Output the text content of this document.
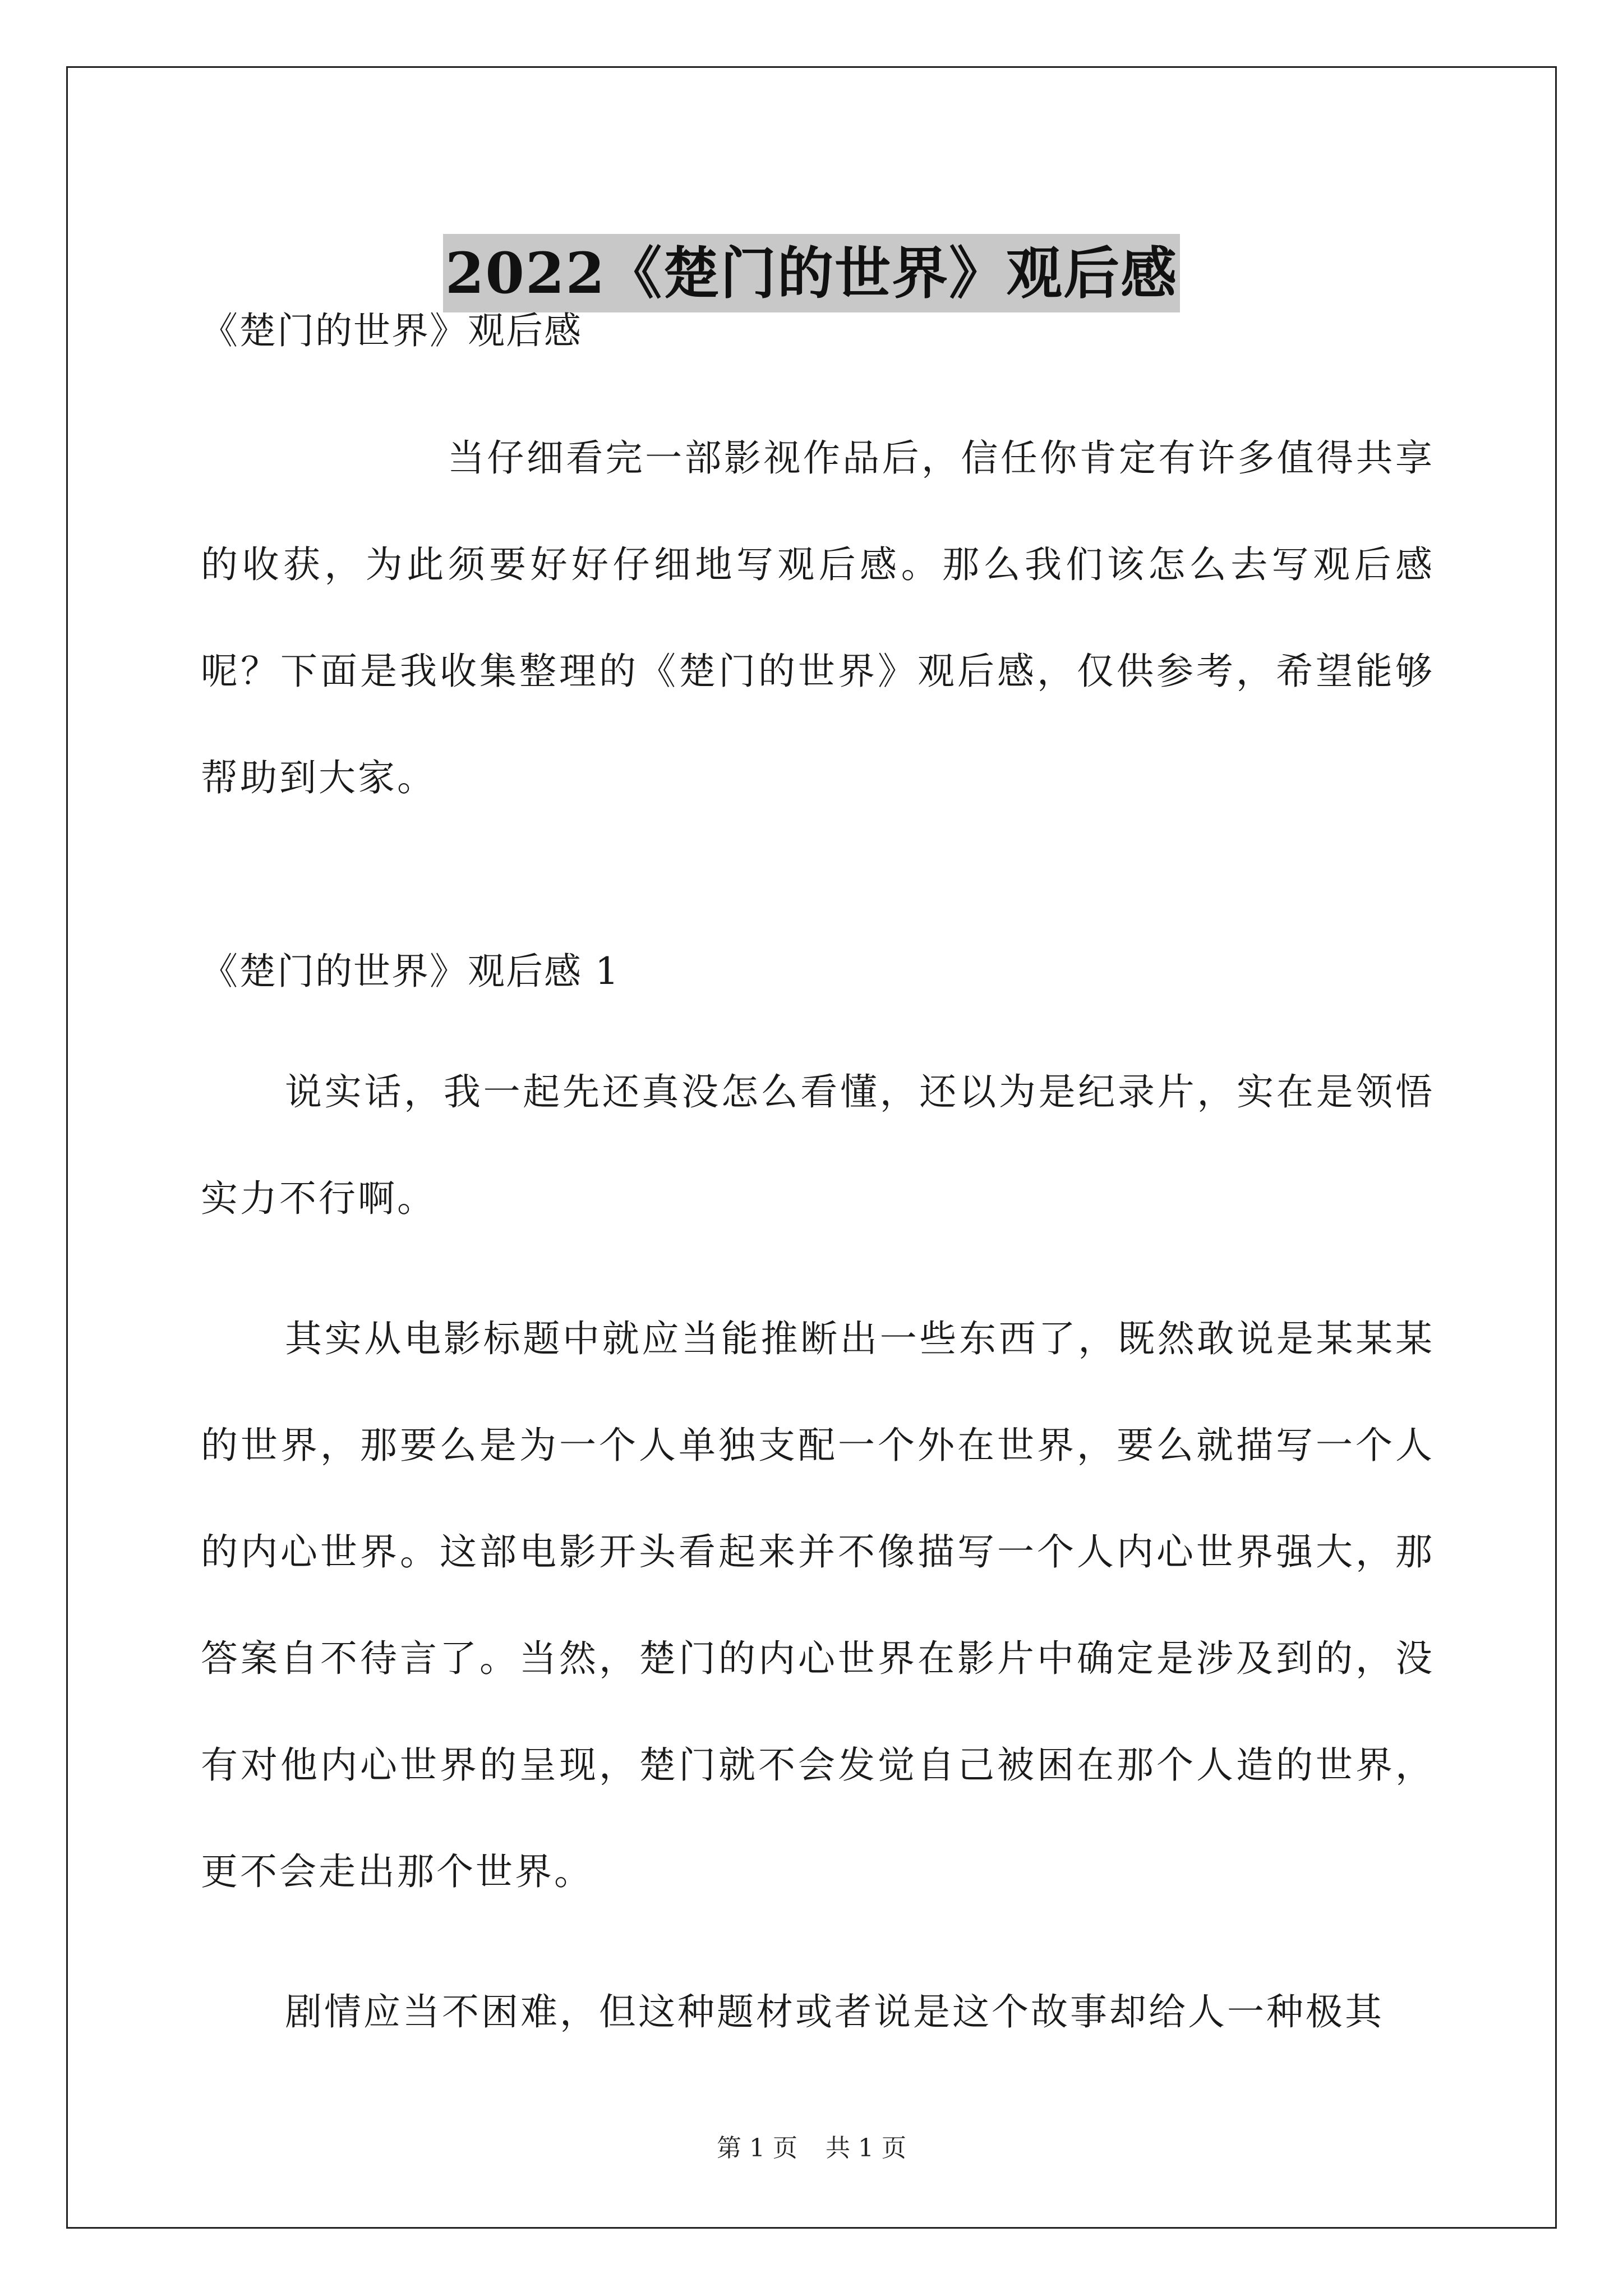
2022《楚门的世界》观后感

《楚门的世界》观后感

当仔细看完一部影视作品后，信任你肯定有许多值得共享的收获，为此须要好好仔细地写观后感。那么我们该怎么去写观后感呢？下面是我收集整理的《楚门的世界》观后感，仅供参考，希望能够帮助到大家。

《楚门的世界》观后感 1

说实话，我一起先还真没怎么看懂，还以为是纪录片，实在是领悟实力不行啊。

其实从电影标题中就应当能推断出一些东西了，既然敢说是某某某的世界，那要么是为一个人单独支配一个外在世界，要么就描写一个人的内心世界。这部电影开头看起来并不像描写一个人内心世界强大，那答案自不待言了。当然，楚门的内心世界在影片中确定是涉及到的，没有对他内心世界的呈现，楚门就不会发觉自己被困在那个人造的世界，更不会走出那个世界。

剧情应当不困难，但这种题材或者说是这个故事却给人一种极其

第 1 页 共 1 页
